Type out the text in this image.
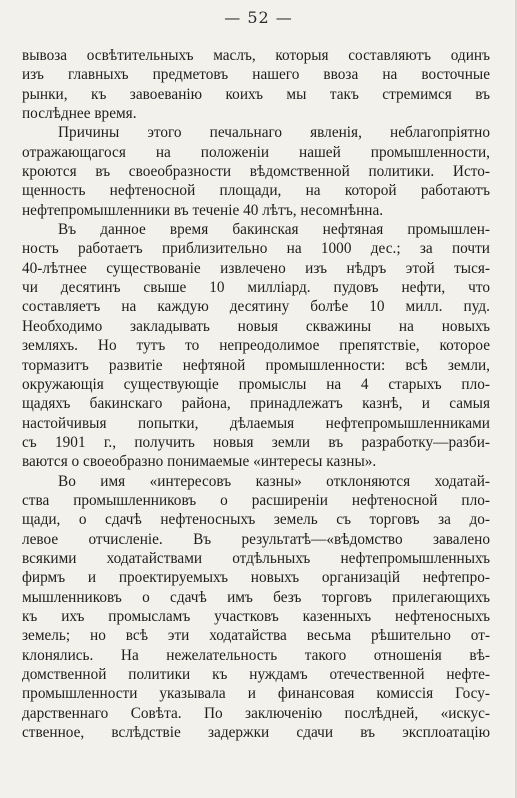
— 52 —
вывоза освѣтительныхъ маслъ, которыя составляютъ одинъ
изъ главныхъ предметовъ нашего ввоза на восточные
рынки, къ завоеванію коихъ мы такъ стремимся въ
послѣднее время.
Причины этого печальнаго явленія, неблагопріятно
отражающагося на положеніи нашей промышленности,
кроются въ своеобразности вѣдомственной политики. Исто-
щенность нефтеносной площади, на которой работаютъ
нефтепромышленники въ теченіе 40 лѣтъ, несомнѣнна.
Въ данное время бакинская нефтяная промышлен-
ность работаетъ приблизительно на 1000 дес.; за почти
40-лѣтнее существованіе извлечено изъ нѣдръ этой тыся-
чи десятинъ свыше 10 миллiард. пудовъ нефти, что
составляетъ на каждую десятину болѣе 10 милл. пуд.
Необходимо закладывать новыя скважины на новыхъ
земляхъ. Но тутъ то непреодолимое препятствіе, которое
тормазитъ развитіе нефтяной промышленности: всѣ земли,
окружающія существующіе промыслы на 4 старыхъ пло-
щадяхъ бакинскаго района, принадлежатъ казнѣ, и самыя
настойчивыя попытки, дѣлаемыя нефтепромышленниками
съ 1901 г., получить новыя земли въ разработку—разби-
ваются о своеобразно понимаемые «интересы казны».
Во имя «интересовъ казны» отклоняются ходатай-
ства промышленниковъ о расширеніи нефтеносной пло-
щади, о сдачѣ нефтеносныхъ земель съ торговъ за до-
левое отчисленіе. Въ результатѣ—«вѣдомство завалено
всякими ходатайствами отдѣльныхъ нефтепромышленныхъ
фирмъ и проектируемыхъ новыхъ организацій нефтепро-
мышленниковъ о сдачѣ имъ безъ торговъ прилегающихъ
къ ихъ промысламъ участковъ казенныхъ нефтеносныхъ
земель; но всѣ эти ходатайства весьма рѣшительно от-
клонялись. На нежелательность такого отношенія вѣ-
домственной политики къ нуждамъ отечественной нефте-
промышленности указывала и финансовая комиссія Госу-
дарственнаго Совѣта. По заключенію послѣдней, «искус-
ственное, вслѣдствіе задержки сдачи въ эксплоатацію
